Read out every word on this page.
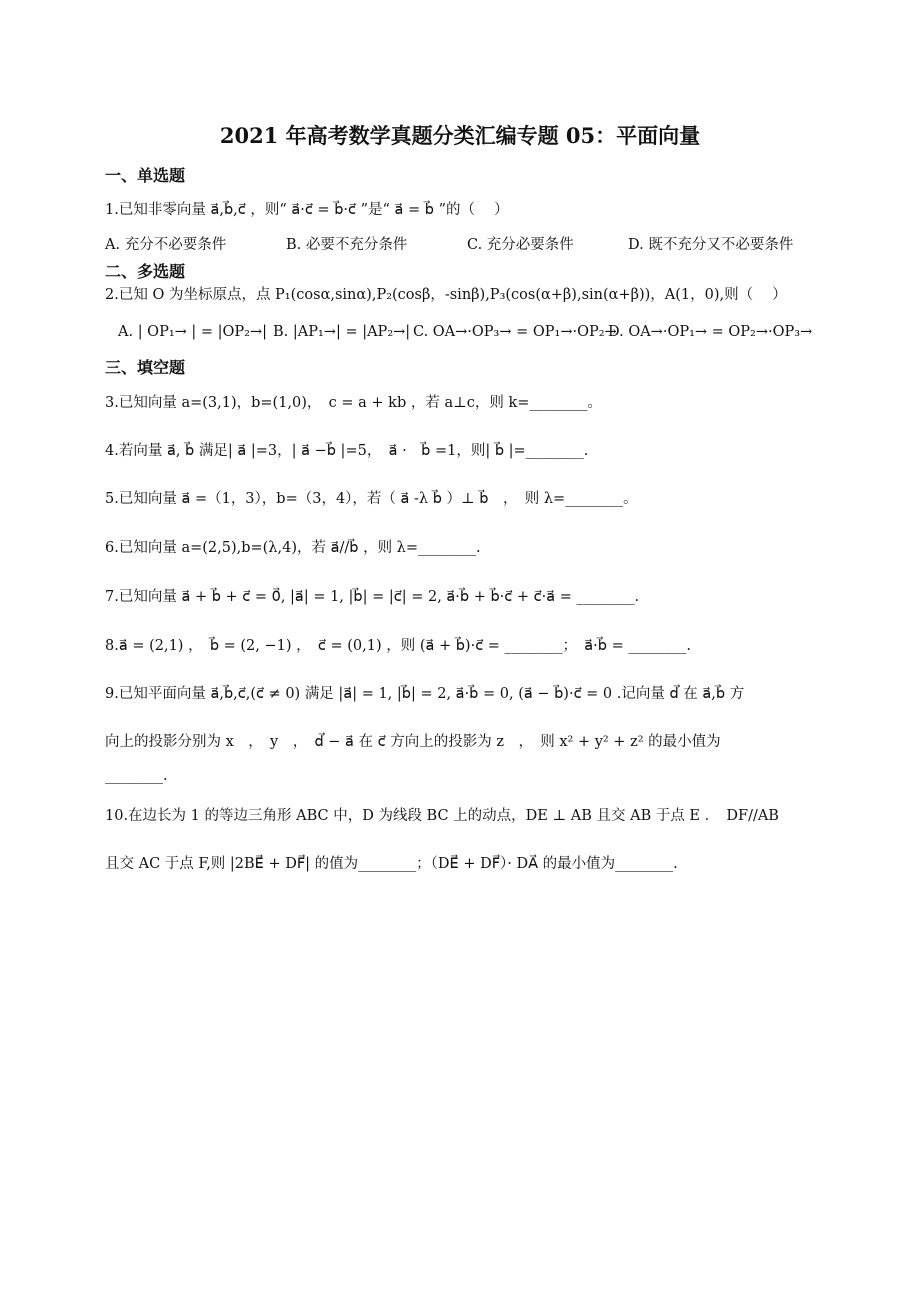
2021 年高考数学真题分类汇编专题 05：平面向量
一、单选题
1.已知非零向量 a⃗,b⃗,c⃗ ，则“ a⃗·c⃗ = b⃗·c⃗ ”是“ a⃗ = b⃗ ”的（　 ）
A. 充分不必要条件	B. 必要不充分条件	C. 充分必要条件	D. 既不充分又不必要条件
二、多选题
2.已知 O 为坐标原点，点 P₁(cosα,sinα),P₂(cosβ，-sinβ),P₃(cos(α+β),sin(α+β))，A(1，0),则（　 ）
A. | OP₁→ | = |OP₂→| B. |AP₁→| = |AP₂→| C. OA→·OP₃→ = OP₁→·OP₂→
D. OA→·OP₁→ = OP₂→·OP₃→
三、填空题
3.已知向量 a=(3,1)，b=(1,0)，　c = a + kb ，若 a⊥c，则 k=________。
4.若向量 a⃗, b⃗ 满足| a⃗ |=3，| a⃗ −b⃗ |=5，　a⃗ ·　b⃗ =1，则| b⃗ |=________.
5.已知向量 a⃗ =（1，3），b=（3，4），若（ a⃗ -λ b⃗ ）⊥ b⃗　，　则 λ=________。
6.已知向量 a=(2,5),b=(λ,4)，若 a⃗//b⃗ ，则 λ=________.
7.已知向量 a⃗ + b⃗ + c⃗ = 0⃗, |a⃗| = 1, |b⃗| = |c⃗| = 2, a⃗·b⃗ + b⃗·c⃗ + c⃗·a⃗ = ________.
8.a⃗ = (2,1) ，　b⃗ = (2, −1) ，　c⃗ = (0,1) ，则 (a⃗ + b⃗)·c⃗ = ________；　a⃗·b⃗ = ________.
9.已知平面向量 a⃗,b⃗,c⃗,(c⃗ ≠ 0) 满足 |a⃗| = 1, |b⃗| = 2, a⃗·b⃗ = 0, (a⃗ − b⃗)·c⃗ = 0 .记向量 d⃗ 在 a⃗,b⃗ 方
向上的投影分别为 x　，　y　，　d⃗ − a⃗ 在 c⃗ 方向上的投影为 z　，　则 x² + y² + z² 的最小值为
________.
10.在边长为 1 的等边三角形 ABC 中，D 为线段 BC 上的动点，DE ⊥ AB 且交 AB 于点 E ．　DF//AB
且交 AC 于点 F,则 |2BE⃗ + DF⃗| 的值为________；（DE⃗ + DF⃗）· DA⃗ 的最小值为________.
